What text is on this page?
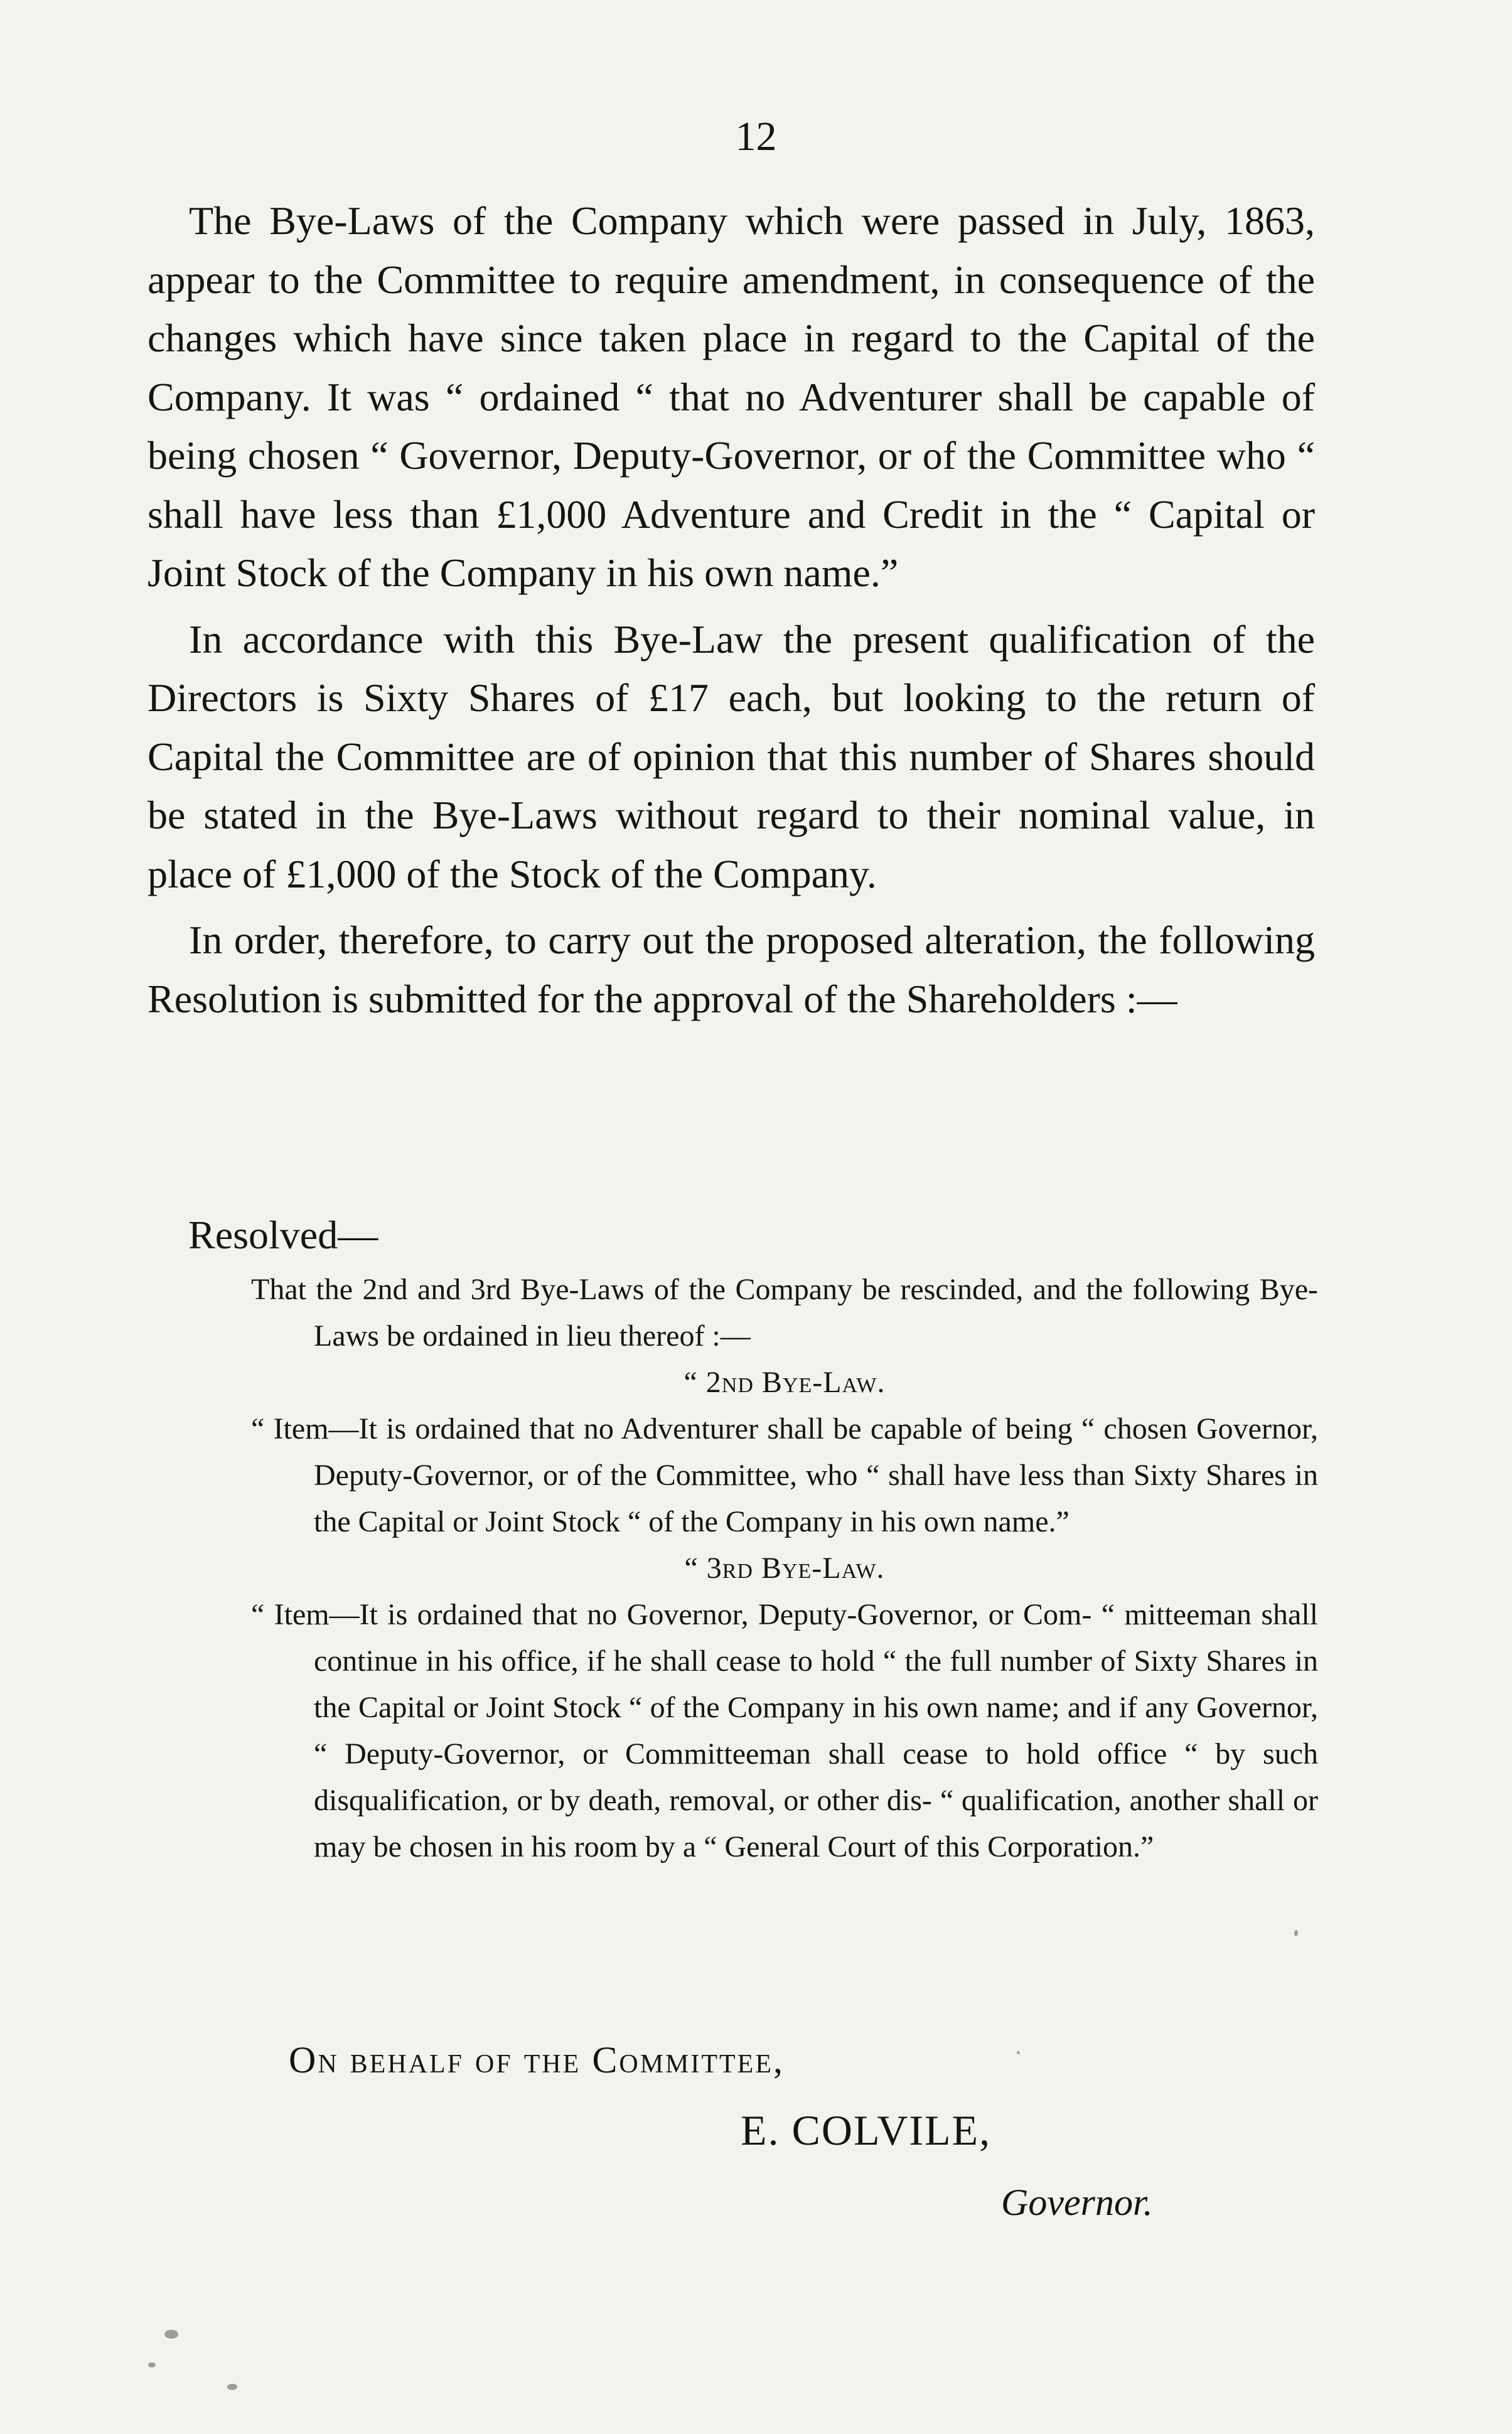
12

The Bye-Laws of the Company which were passed in July, 1863, appear to the Committee to require amendment, in consequence of the changes which have since taken place in regard to the Capital of the Company. It was “ ordained “ that no Adventurer shall be capable of being chosen “ Governor, Deputy-Governor, or of the Committee who “ shall have less than £1,000 Adventure and Credit in the “ Capital or Joint Stock of the Company in his own name.”

In accordance with this Bye-Law the present qualification of the Directors is Sixty Shares of £17 each, but looking to the return of Capital the Committee are of opinion that this number of Shares should be stated in the Bye-Laws without regard to their nominal value, in place of £1,000 of the Stock of the Company.

In order, therefore, to carry out the proposed alteration, the following Resolution is submitted for the approval of the Shareholders :—

Resolved—

That the 2nd and 3rd Bye-Laws of the Company be rescinded, and the following Bye-Laws be ordained in lieu thereof :—

“ 2nd Bye-Law.

“ Item—It is ordained that no Adventurer shall be capable of being “ chosen Governor, Deputy-Governor, or of the Committee, who “ shall have less than Sixty Shares in the Capital or Joint Stock “ of the Company in his own name.”

“ 3rd Bye-Law.

“ Item—It is ordained that no Governor, Deputy-Governor, or Com- “ mitteeman shall continue in his office, if he shall cease to hold “ the full number of Sixty Shares in the Capital or Joint Stock “ of the Company in his own name; and if any Governor, “ Deputy-Governor, or Committeeman shall cease to hold office “ by such disqualification, or by death, removal, or other dis- “ qualification, another shall or may be chosen in his room by a “ General Court of this Corporation.”

On behalf of the Committee,
E. COLVILE,
Governor.
